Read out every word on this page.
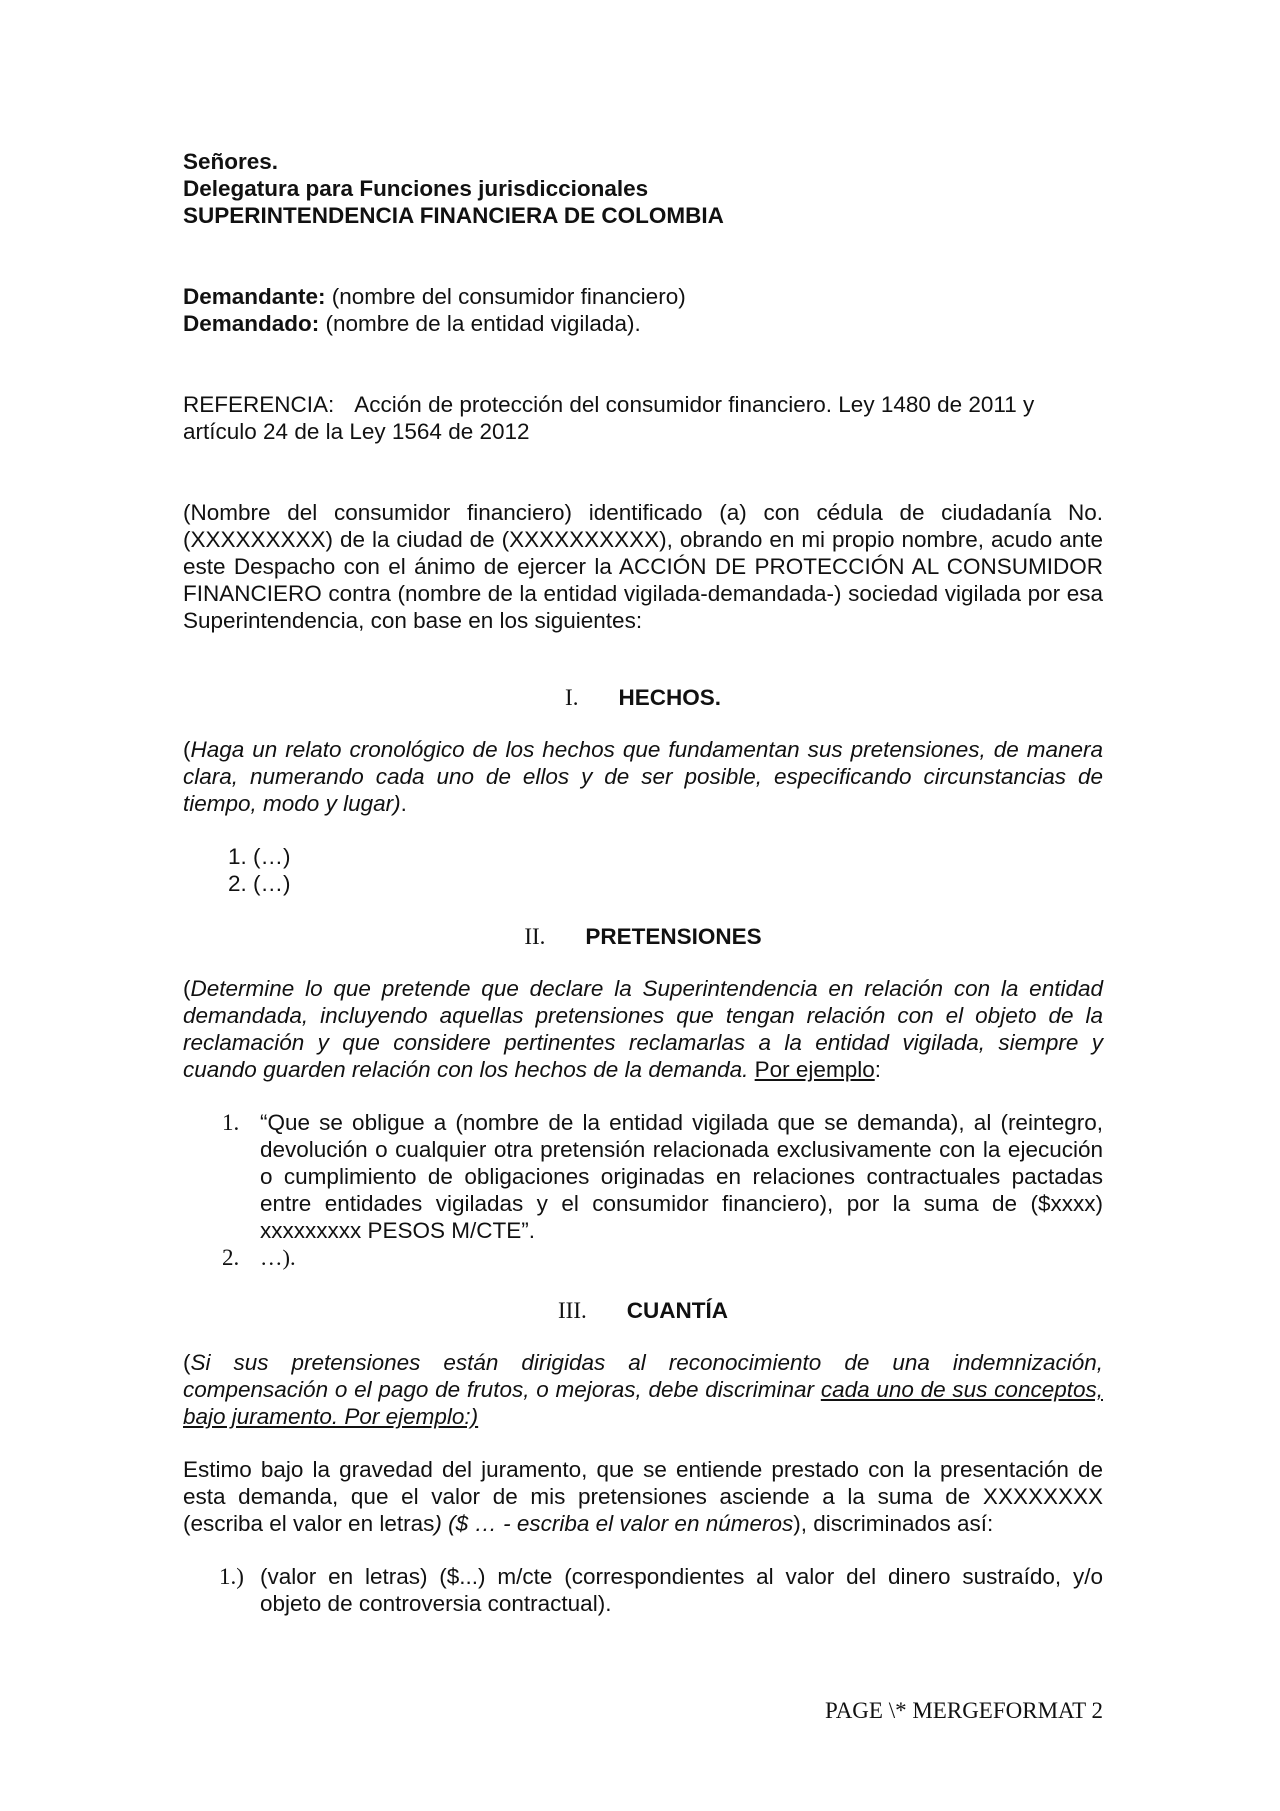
Señores.

Delegatura para Funciones jurisdiccionales

SUPERINTENDENCIA FINANCIERA DE COLOMBIA

Demandante: (nombre del consumidor financiero)

Demandado: (nombre de la entidad vigilada).

REFERENCIA: Acción de protección del consumidor financiero. Ley 1480 de 2011 y artículo 24 de la Ley 1564 de 2012

(Nombre del consumidor financiero) identificado (a) con cédula de ciudadanía No. (XXXXXXXXX) de la ciudad de (XXXXXXXXXX), obrando en mi propio nombre, acudo ante este Despacho con el ánimo de ejercer la ACCIÓN DE PROTECCIÓN AL CONSUMIDOR FINANCIERO contra (nombre de la entidad vigilada-demandada-) sociedad vigilada por esa Superintendencia, con base en los siguientes:

I. HECHOS.

(Haga un relato cronológico de los hechos que fundamentan sus pretensiones, de manera clara, numerando cada uno de ellos y de ser posible, especificando circunstancias de tiempo, modo y lugar).

1. (…)
2. (…)
II. PRETENSIONES

(Determine lo que pretende que declare la Superintendencia en relación con la entidad demandada, incluyendo aquellas pretensiones que tengan relación con el objeto de la reclamación y que considere pertinentes reclamarlas a la entidad vigilada, siempre y cuando guarden relación con los hechos de la demanda. Por ejemplo:

1. “Que se obligue a (nombre de la entidad vigilada que se demanda), al (reintegro, devolución o cualquier otra pretensión relacionada exclusivamente con la ejecución o cumplimiento de obligaciones originadas en relaciones contractuales pactadas entre entidades vigiladas y el consumidor financiero), por la suma de ($xxxx) xxxxxxxxx PESOS M/CTE”.
2. …).
III. CUANTÍA

(Si sus pretensiones están dirigidas al reconocimiento de una indemnización, compensación o el pago de frutos, o mejoras, debe discriminar cada uno de sus conceptos, bajo juramento. Por ejemplo:)

Estimo bajo la gravedad del juramento, que se entiende prestado con la presentación de esta demanda, que el valor de mis pretensiones asciende a la suma de XXXXXXXX (escriba el valor en letras) ($ … - escriba el valor en números), discriminados así:

1.) (valor en letras) ($...) m/cte (correspondientes al valor del dinero sustraído, y/o objeto de controversia contractual).
PAGE \* MERGEFORMAT 2
